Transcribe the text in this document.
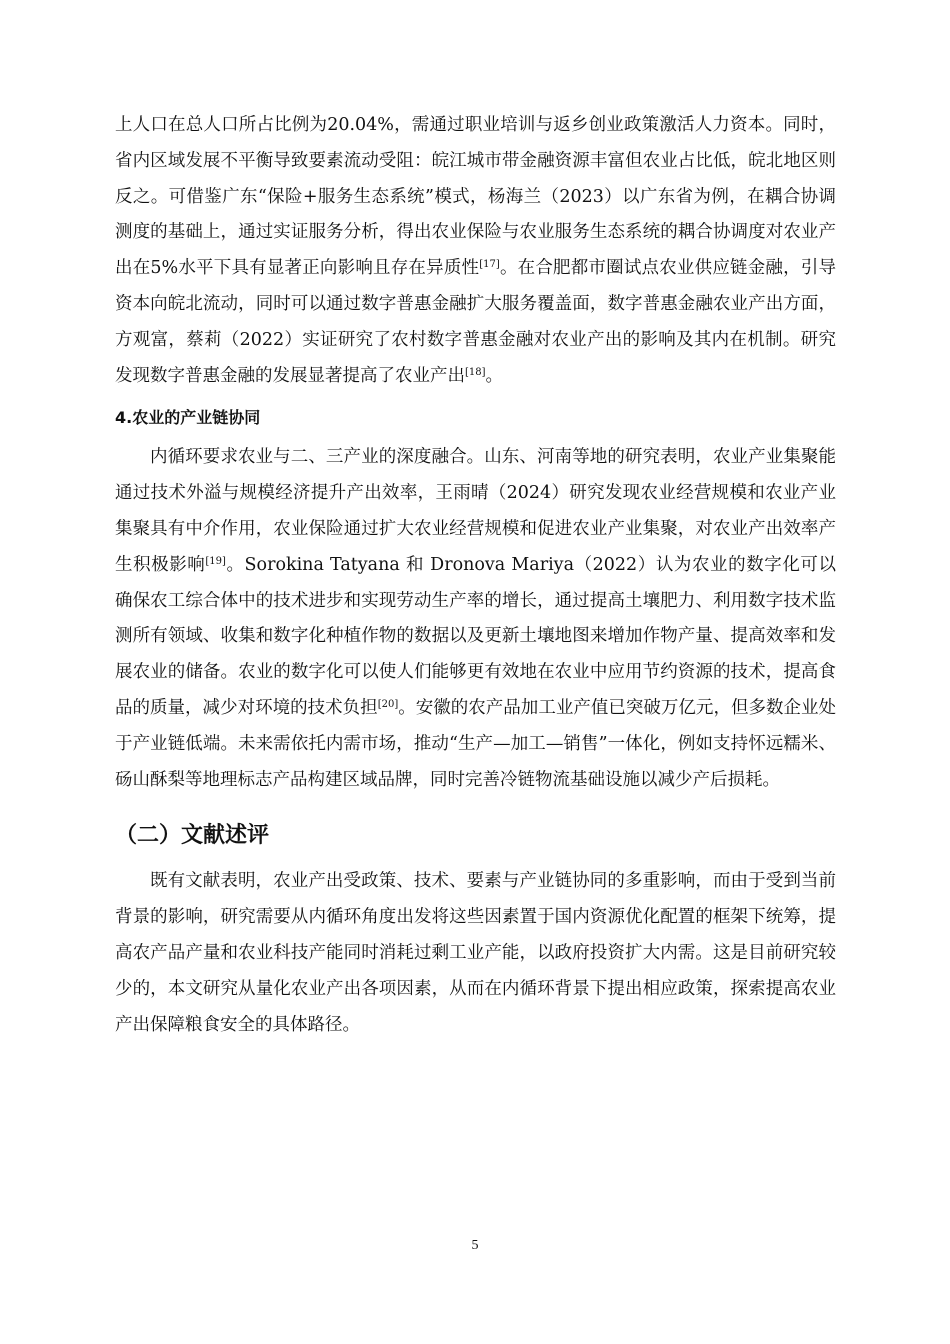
上人口在总人口所占比例为20.04%，需通过职业培训与返乡创业政策激活人力资本。同时，省内区域发展不平衡导致要素流动受阻：皖江城市带金融资源丰富但农业占比低，皖北地区则反之。可借鉴广东“保险+服务生态系统”模式，杨海兰（2023）以广东省为例，在耦合协调测度的基础上，通过实证服务分析，得出农业保险与农业服务生态系统的耦合协调度对农业产出在5%水平下具有显著正向影响且存在异质性[17]。在合肥都市圈试点农业供应链金融，引导资本向皖北流动，同时可以通过数字普惠金融扩大服务覆盖面，数字普惠金融农业产出方面，方观富，蔡莉（2022）实证研究了农村数字普惠金融对农业产出的影响及其内在机制。研究发现数字普惠金融的发展显著提高了农业产出[18]。

4.农业的产业链协同

内循环要求农业与二、三产业的深度融合。山东、河南等地的研究表明，农业产业集聚能通过技术外溢与规模经济提升产出效率，王雨晴（2024）研究发现农业经营规模和农业产业集聚具有中介作用，农业保险通过扩大农业经营规模和促进农业产业集聚，对农业产出效率产生积极影响[19]。Sorokina Tatyana 和 Dronova Mariya（2022）认为农业的数字化可以确保农工综合体中的技术进步和实现劳动生产率的增长，通过提高土壤肥力、利用数字技术监测所有领域、收集和数字化种植作物的数据以及更新土壤地图来增加作物产量、提高效率和发展农业的储备。农业的数字化可以使人们能够更有效地在农业中应用节约资源的技术，提高食品的质量，减少对环境的技术负担[20]。安徽的农产品加工业产值已突破万亿元，但多数企业处于产业链低端。未来需依托内需市场，推动“生产—加工—销售”一体化，例如支持怀远糯米、砀山酥梨等地理标志产品构建区域品牌，同时完善冷链物流基础设施以减少产后损耗。

（二）文献述评

既有文献表明，农业产出受政策、技术、要素与产业链协同的多重影响，而由于受到当前背景的影响，研究需要从内循环角度出发将这些因素置于国内资源优化配置的框架下统筹，提高农产品产量和农业科技产能同时消耗过剩工业产能，以政府投资扩大内需。这是目前研究较少的，本文研究从量化农业产出各项因素，从而在内循环背景下提出相应政策，探索提高农业产出保障粮食安全的具体路径。

5
